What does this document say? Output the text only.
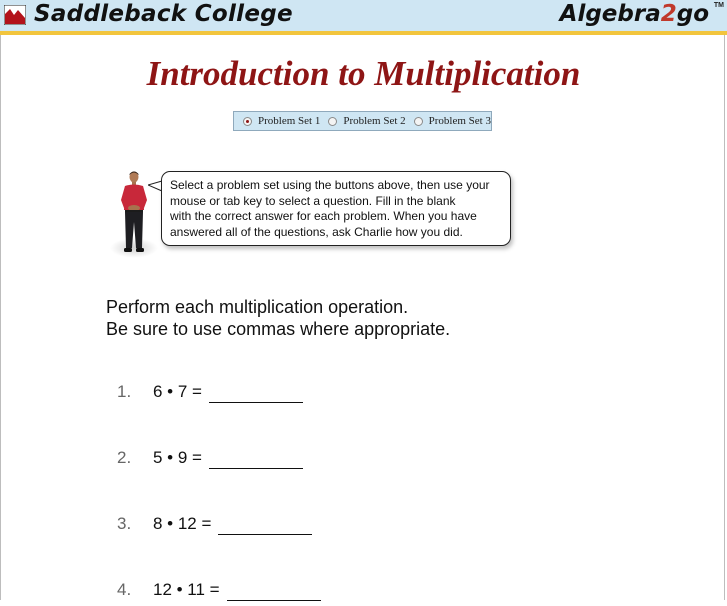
Saddleback College	Algebra2go TM
Introduction to Multiplication
Problem Set 1 Problem Set 2 Problem Set 3
Select a problem set using the buttons above, then use your
mouse or tab key to select a question. Fill in the blank
with the correct answer for each problem. When you have
answered all of the questions, ask Charlie how you did.
Perform each multiplication operation.
Be sure to use commas where appropriate.
1.	6 • 7 =
2.	5 • 9 =
3.	8 • 12 =
4.	12 • 11 =
